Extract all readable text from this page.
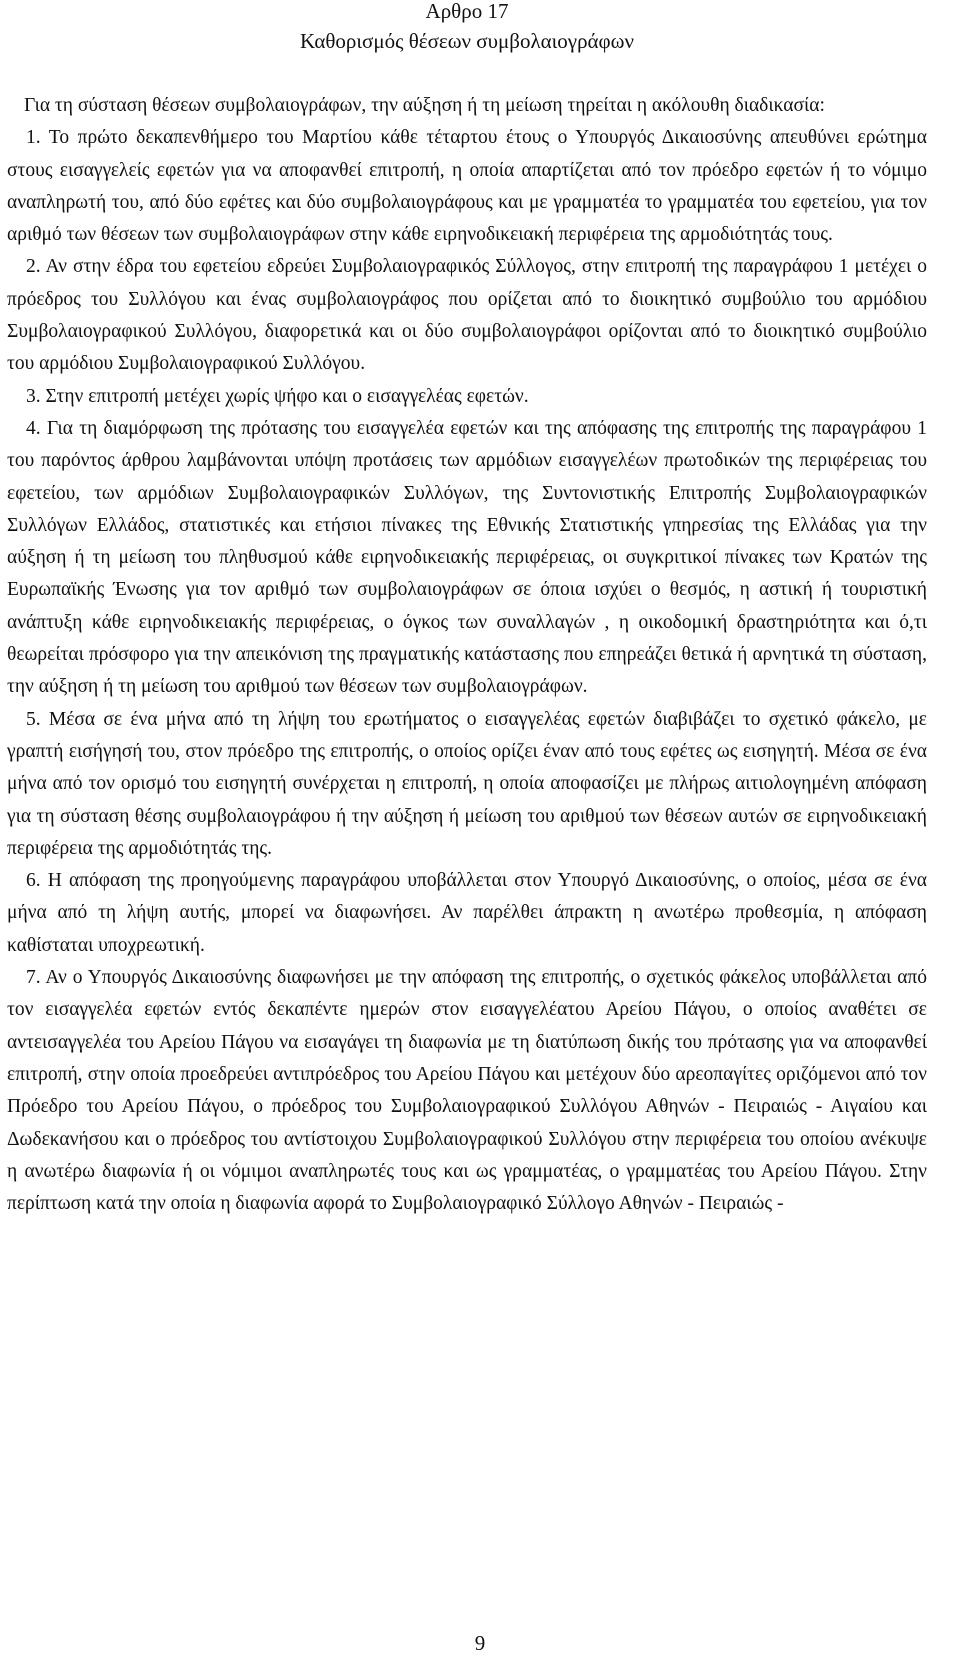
Αρθρο 17
Καθορισμός θέσεων συμβολαιογράφων

Για τη σύσταση θέσεων συμβολαιογράφων, την αύξηση ή τη μείωση τηρείται η ακόλουθη διαδικασία:

1. Το πρώτο δεκαπενθήμερο του Μαρτίου κάθε τέταρτου έτους ο Υπουργός Δικαιοσύνης απευθύνει ερώτημα στους εισαγγελείς εφετών για να αποφανθεί επιτροπή, η οποία απαρτίζεται από τον πρόεδρο εφετών ή το νόμιμο αναπληρωτή του, από δύο εφέτες και δύο συμβολαιογράφους και με γραμματέα το γραμματέα του εφετείου, για τον αριθμό των θέσεων των συμβολαιογράφων στην κάθε ειρηνοδικειακή περιφέρεια της αρμοδιότητάς τους.

2. Αν στην έδρα του εφετείου εδρεύει Συμβολαιογραφικός Σύλλογος, στην επιτροπή της παραγράφου 1 μετέχει ο πρόεδρος του Συλλόγου και ένας συμβολαιογράφος που ορίζεται από το διοικητικό συμβούλιο του αρμόδιου Συμβολαιογραφικού Συλλόγου, διαφορετικά και οι δύο συμβολαιογράφοι ορίζονται από το διοικητικό συμβούλιο του αρμόδιου Συμβολαιογραφικού Συλλόγου.

3. Στην επιτροπή μετέχει χωρίς ψήφο και ο εισαγγελέας εφετών.

4. Για τη διαμόρφωση της πρότασης του εισαγγελέα εφετών και της απόφασης της επιτροπής της παραγράφου 1 του παρόντος άρθρου λαμβάνονται υπόψη προτάσεις των αρμόδιων εισαγγελέων πρωτοδικών της περιφέρειας του εφετείου, των αρμόδιων Συμβολαιογραφικών Συλλόγων, της Συντονιστικής Επιτροπής Συμβολαιογραφικών Συλλόγων Ελλάδος, στατιστικές και ετήσιοι πίνακες της Εθνικής Στατιστικής γπηρεσίας της Ελλάδας για την αύξηση ή τη μείωση του πληθυσμού κάθε ειρηνοδικειακής περιφέρειας, οι συγκριτικοί πίνακες των Κρατών της Ευρωπαϊκής Ένωσης για τον αριθμό των συμβολαιογράφων σε όποια ισχύει ο θεσμός, η αστική ή τουριστική ανάπτυξη κάθε ειρηνοδικειακής περιφέρειας, ο όγκος των συναλλαγών , η οικοδομική δραστηριότητα και ό,τι θεωρείται πρόσφορο για την απεικόνιση της πραγματικής κατάστασης που επηρεάζει θετικά ή αρνητικά τη σύσταση, την αύξηση ή τη μείωση του αριθμού των θέσεων των συμβολαιογράφων.

5. Μέσα σε ένα μήνα από τη λήψη του ερωτήματος ο εισαγγελέας εφετών διαβιβάζει το σχετικό φάκελο, με γραπτή εισήγησή του, στον πρόεδρο της επιτροπής, ο οποίος ορίζει έναν από τους εφέτες ως εισηγητή. Μέσα σε ένα μήνα από τον ορισμό του εισηγητή συνέρχεται η επιτροπή, η οποία αποφασίζει με πλήρως αιτιολογημένη απόφαση για τη σύσταση θέσης συμβολαιογράφου ή την αύξηση ή μείωση του αριθμού των θέσεων αυτών σε ειρηνοδικειακή περιφέρεια της αρμοδιότητάς της.

6. Η απόφαση της προηγούμενης παραγράφου υποβάλλεται στον Υπουργό Δικαιοσύνης, ο οποίος, μέσα σε ένα μήνα από τη λήψη αυτής, μπορεί να διαφωνήσει. Αν παρέλθει άπρακτη η ανωτέρω προθεσμία, η απόφαση καθίσταται υποχρεωτική.

7. Αν ο Υπουργός Δικαιοσύνης διαφωνήσει με την απόφαση της επιτροπής, ο σχετικός φάκελος υποβάλλεται από τον εισαγγελέα εφετών εντός δεκαπέντε ημερών στον εισαγγελέατου Αρείου Πάγου, ο οποίος αναθέτει σε αντεισαγγελέα του Αρείου Πάγου να εισαγάγει τη διαφωνία με τη διατύπωση δικής του πρότασης για να αποφανθεί επιτροπή, στην οποία προεδρεύει αντιπρόεδρος του Αρείου Πάγου και μετέχουν δύο αρεοπαγίτες οριζόμενοι από τον Πρόεδρο του Αρείου Πάγου, ο πρόεδρος του Συμβολαιογραφικού Συλλόγου Αθηνών - Πειραιώς - Αιγαίου και Δωδεκανήσου και ο πρόεδρος του αντίστοιχου Συμβολαιογραφικού Συλλόγου στην περιφέρεια του οποίου ανέκυψε η ανωτέρω διαφωνία ή οι νόμιμοι αναπληρωτές τους και ως γραμματέας, ο γραμματέας του Αρείου Πάγου. Στην περίπτωση κατά την οποία η διαφωνία αφορά το Συμβολαιογραφικό Σύλλογο Αθηνών - Πειραιώς -

9
